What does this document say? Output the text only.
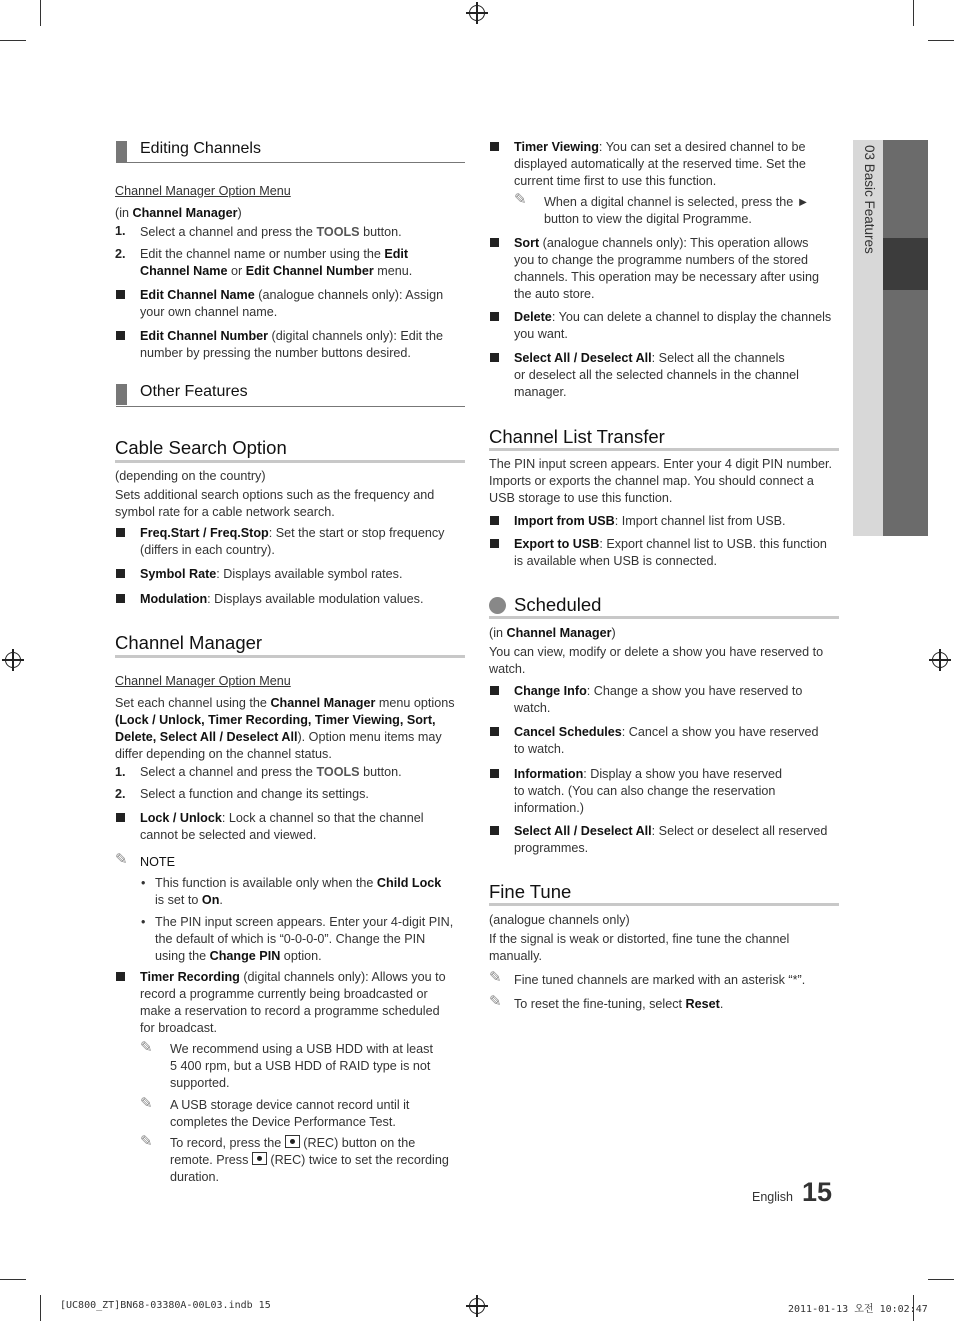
03 Basic Features
Editing Channels
Channel Manager Option Menu
(in Channel Manager)
1. Select a channel and press the TOOLS button.
2. Edit the channel name or number using the Edit
Channel Name or Edit Channel Number menu.
Edit Channel Name (analogue channels only): Assign
your own channel name.
Edit Channel Number (digital channels only): Edit the
number by pressing the number buttons desired.
Other Features
Cable Search Option
(depending on the country)
Sets additional search options such as the frequency and
symbol rate for a cable network search.
Freq.Start / Freq.Stop: Set the start or stop frequency
(differs in each country).
Symbol Rate: Displays available symbol rates.
Modulation: Displays available modulation values.
Channel Manager
Channel Manager Option Menu
Set each channel using the Channel Manager menu options
(Lock / Unlock, Timer Recording, Timer Viewing, Sort,
Delete, Select All / Deselect All). Option menu items may
differ depending on the channel status.
1. Select a channel and press the TOOLS button.
2. Select a function and change its settings.
Lock / Unlock: Lock a channel so that the channel
cannot be selected and viewed.
✎ NOTE
• This function is available only when the Child Lock
is set to On.
• The PIN input screen appears. Enter your 4-digit PIN,
the default of which is “0-0-0-0”. Change the PIN
using the Change PIN option.
Timer Recording (digital channels only): Allows you to
record a programme currently being broadcasted or
make a reservation to record a programme scheduled
for broadcast.
✎ We recommend using a USB HDD with at least
5 400 rpm, but a USB HDD of RAID type is not
supported.
✎ A USB storage device cannot record until it
completes the Device Performance Test.
✎ To record, press the  (REC) button on the
remote. Press  (REC) twice to set the recording
duration.
Timer Viewing: You can set a desired channel to be
displayed automatically at the reserved time. Set the
current time first to use this function.
✎ When a digital channel is selected, press the ►
button to view the digital Programme.
Sort (analogue channels only): This operation allows
you to change the programme numbers of the stored
channels. This operation may be necessary after using
the auto store.
Delete: You can delete a channel to display the channels
you want.
Select All / Deselect All: Select all the channels
or deselect all the selected channels in the channel
manager.
Channel List Transfer
The PIN input screen appears. Enter your 4 digit PIN number.
Imports or exports the channel map. You should connect a
USB storage to use this function.
Import from USB: Import channel list from USB.
Export to USB: Export channel list to USB. this function
is available when USB is connected.
Scheduled
(in Channel Manager)
You can view, modify or delete a show you have reserved to
watch.
Change Info: Change a show you have reserved to
watch.
Cancel Schedules: Cancel a show you have reserved
to watch.
Information: Display a show you have reserved
to watch. (You can also change the reservation
information.)
Select All / Deselect All: Select or deselect all reserved
programmes.
Fine Tune
(analogue channels only)
If the signal is weak or distorted, fine tune the channel
manually.
✎ Fine tuned channels are marked with an asterisk “*”.
✎ To reset the fine-tuning, select Reset.
English 15
[UC800_ZT]BN68-03380A-00L03.indb 15	2011-01-13 오전 10:02:47
